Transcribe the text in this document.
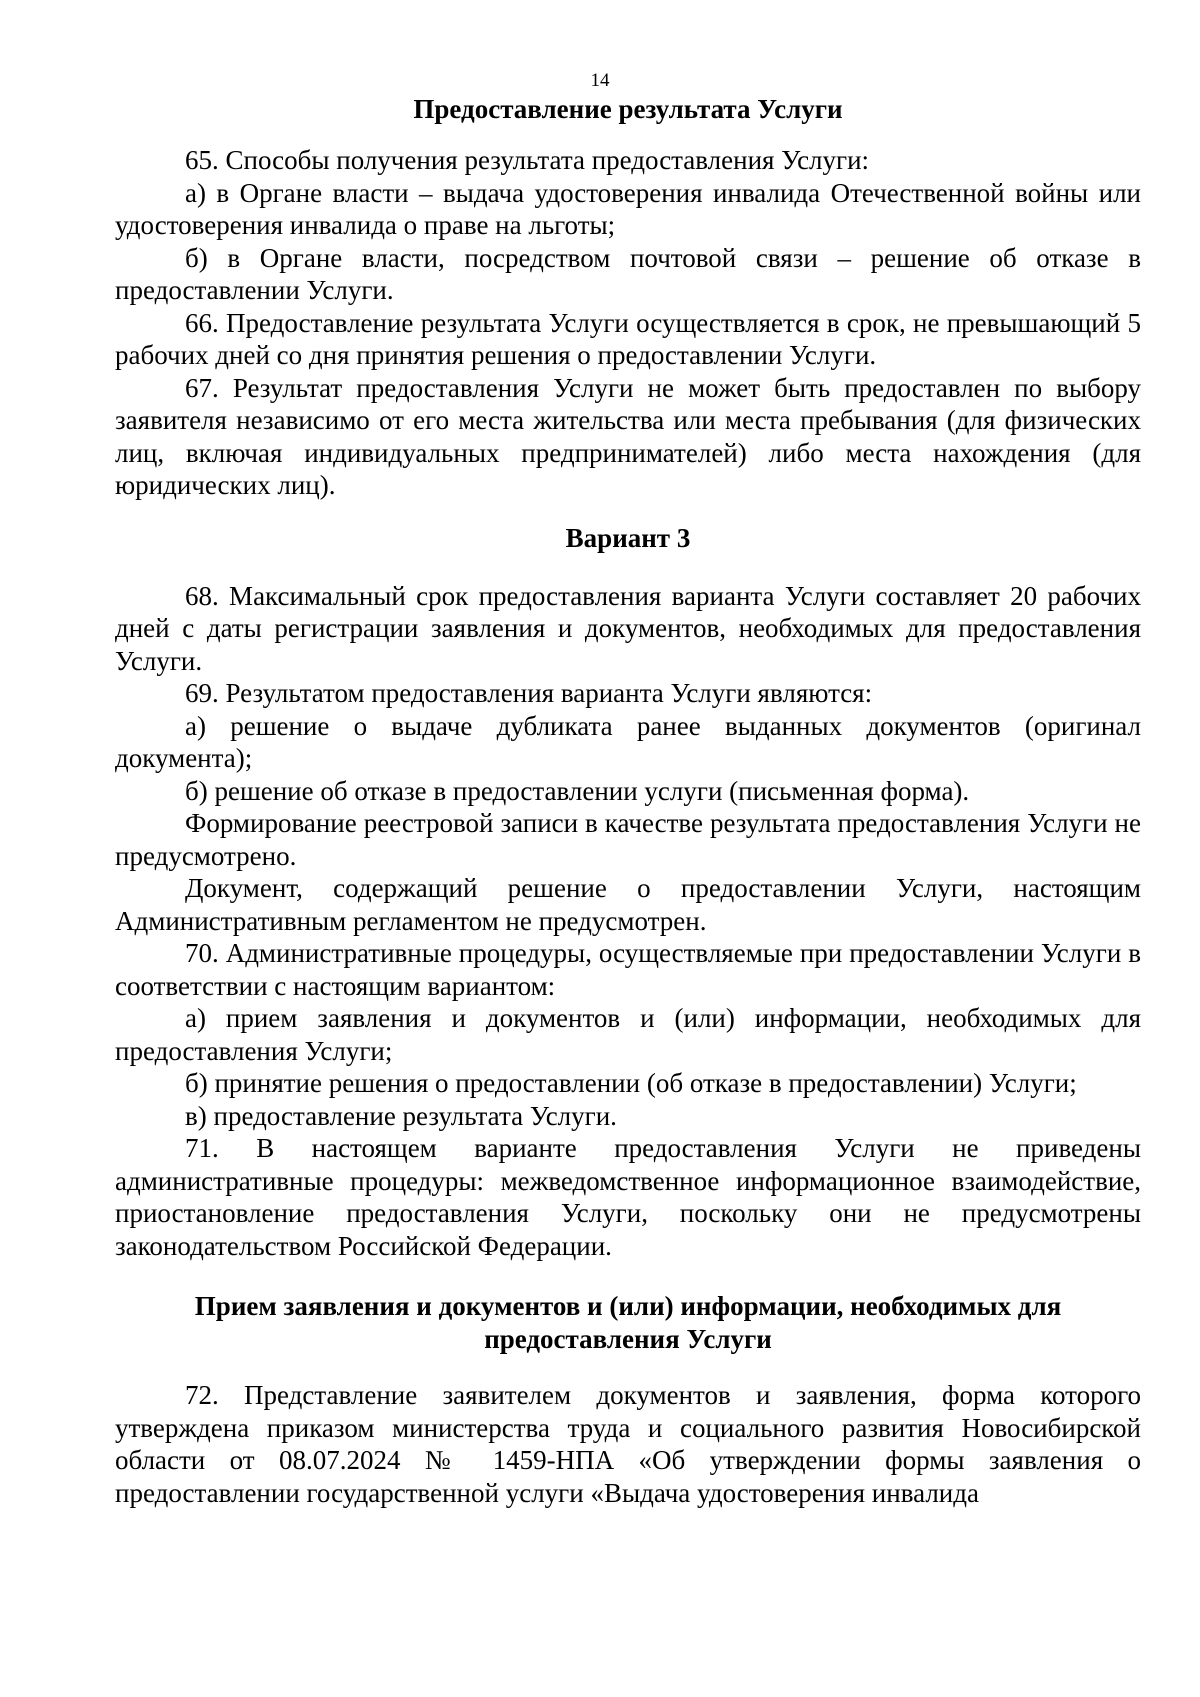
14

Предоставление результата Услуги

65. Способы получения результата предоставления Услуги:

а) в Органе власти – выдача удостоверения инвалида Отечественной войны или удостоверения инвалида о праве на льготы;

б) в Органе власти, посредством почтовой связи – решение об отказе в предоставлении Услуги.

66. Предоставление результата Услуги осуществляется в срок, не превышающий 5 рабочих дней со дня принятия решения о предоставлении Услуги.

67. Результат предоставления Услуги не может быть предоставлен по выбору заявителя независимо от его места жительства или места пребывания (для физических лиц, включая индивидуальных предпринимателей) либо места нахождения (для юридических лиц).

Вариант 3

68. Максимальный срок предоставления варианта Услуги составляет 20 рабочих дней с даты регистрации заявления и документов, необходимых для предоставления Услуги.

69. Результатом предоставления варианта Услуги являются:

а) решение о выдаче дубликата ранее выданных документов (оригинал документа);

б) решение об отказе в предоставлении услуги (письменная форма).

Формирование реестровой записи в качестве результата предоставления Услуги не предусмотрено.

Документ, содержащий решение о предоставлении Услуги, настоящим Административным регламентом не предусмотрен.

70. Административные процедуры, осуществляемые при предоставлении Услуги в соответствии с настоящим вариантом:

а) прием заявления и документов и (или) информации, необходимых для предоставления Услуги;

б) принятие решения о предоставлении (об отказе в предоставлении) Услуги;

в) предоставление результата Услуги.

71. В настоящем варианте предоставления Услуги не приведены административные процедуры: межведомственное информационное взаимодействие, приостановление предоставления Услуги, поскольку они не предусмотрены законодательством Российской Федерации.

Прием заявления и документов и (или) информации, необходимых для
предоставления Услуги

72. Представление заявителем документов и заявления, форма которого утверждена приказом министерства труда и социального развития Новосибирской области от 08.07.2024 № 1459-НПА «Об утверждении формы заявления о предоставлении государственной услуги «Выдача удостоверения инвалида
